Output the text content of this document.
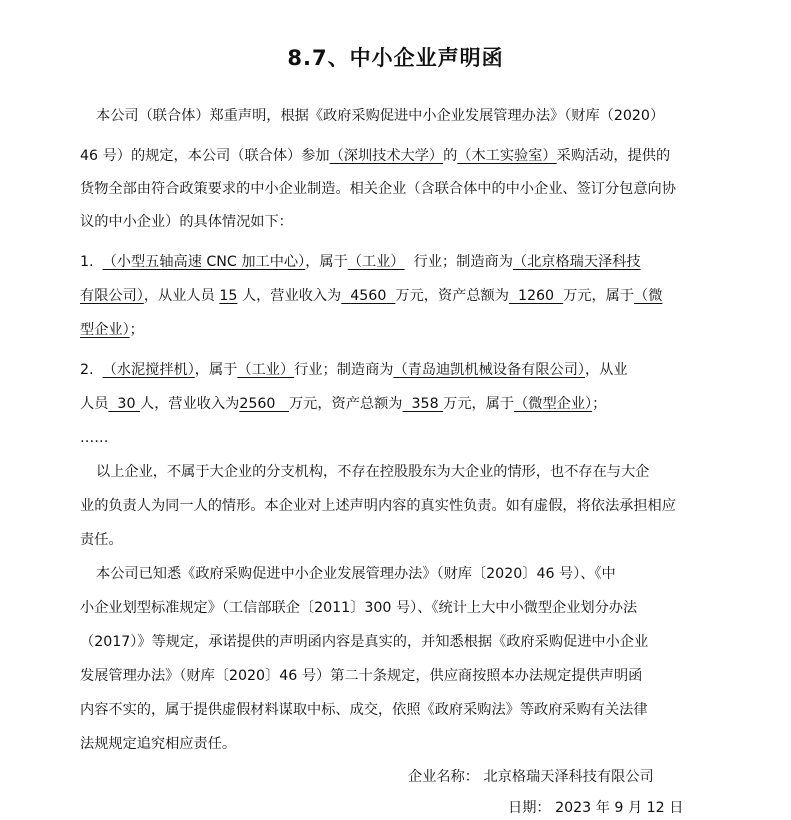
8.7、中小企业声明函
本公司（联合体）郑重声明，根据《政府采购促进中小企业发展管理办法》（财库（2020）
46 号）的规定，本公司（联合体）参加（深圳技术大学）的（木工实验室）采购活动，提供的
货物全部由符合政策要求的中小企业制造。相关企业（含联合体中的中小企业、签订分包意向协
议的中小企业）的具体情况如下：
1. （小型五轴高速 CNC 加工中心），属于（工业） 行业；制造商为（北京格瑞天泽科技
有限公司），从业人员 15 人，营业收入为 4560 万元，资产总额为 1260 万元，属于（微
型企业）；
2. （水泥搅拌机），属于（工业）行业；制造商为（青岛迪凯机械设备有限公司），从业
人员 30 人，营业收入为2560 万元，资产总额为 358 万元，属于（微型企业）；
……
以上企业，不属于大企业的分支机构，不存在控股股东为大企业的情形，也不存在与大企
业的负责人为同一人的情形。本企业对上述声明内容的真实性负责。如有虚假，将依法承担相应
责任。
本公司已知悉《政府采购促进中小企业发展管理办法》（财库〔2020〕46 号）、《中
小企业划型标准规定》（工信部联企〔2011〕300 号）、《统计上大中小微型企业划分办法
（2017）》等规定，承诺提供的声明函内容是真实的，并知悉根据《政府采购促进中小企业
发展管理办法》（财库〔2020〕46 号）第二十条规定，供应商按照本办法规定提供声明函
内容不实的，属于提供虚假材料谋取中标、成交，依照《政府采购法》等政府采购有关法律
法规规定追究相应责任。
企业名称： 北京格瑞天泽科技有限公司
日期： 2023 年 9 月 12 日
